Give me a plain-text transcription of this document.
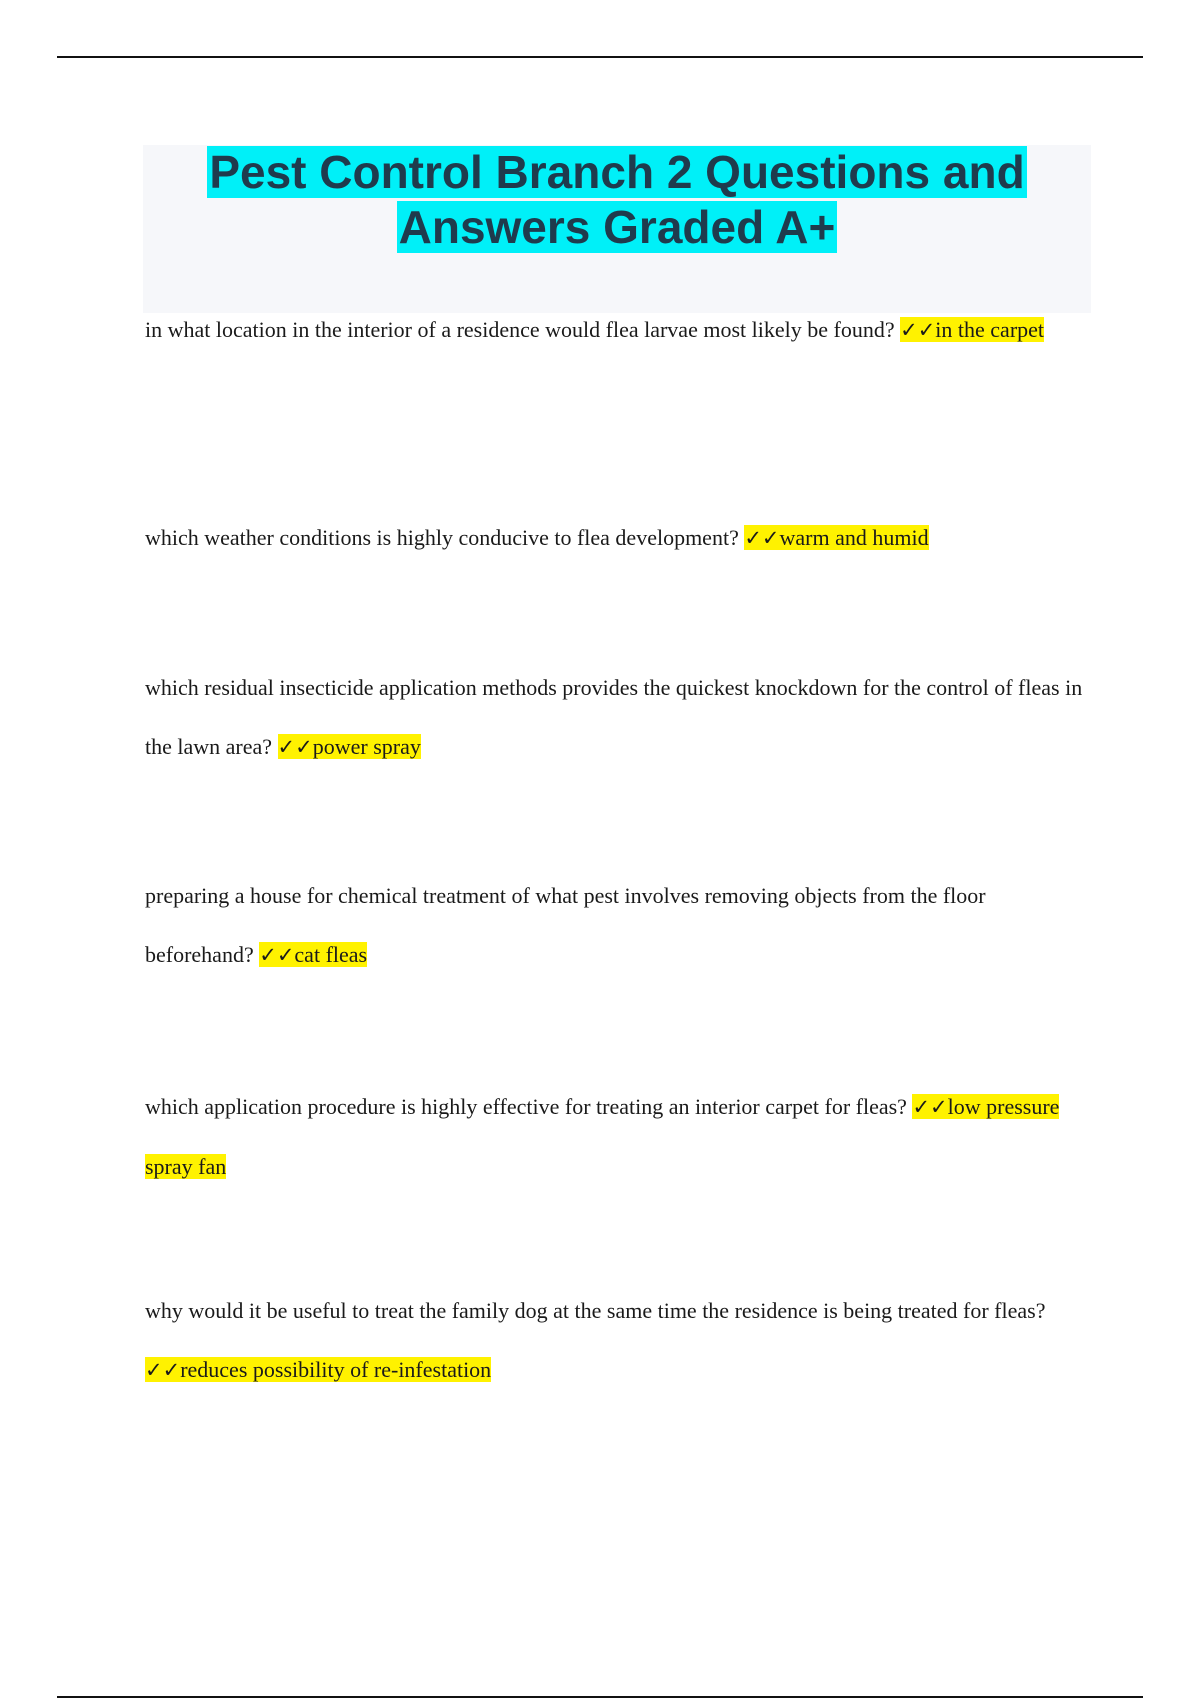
Pest Control Branch 2 Questions and Answers Graded A+

in what location in the interior of a residence would flea larvae most likely be found? ✓✓in the carpet

which weather conditions is highly conducive to flea development? ✓✓warm and humid

which residual insecticide application methods provides the quickest knockdown for the control of fleas in the lawn area? ✓✓power spray

preparing a house for chemical treatment of what pest involves removing objects from the floor beforehand? ✓✓cat fleas

which application procedure is highly effective for treating an interior carpet for fleas? ✓✓low pressure spray fan

why would it be useful to treat the family dog at the same time the residence is being treated for fleas? ✓✓reduces possibility of re-infestation
